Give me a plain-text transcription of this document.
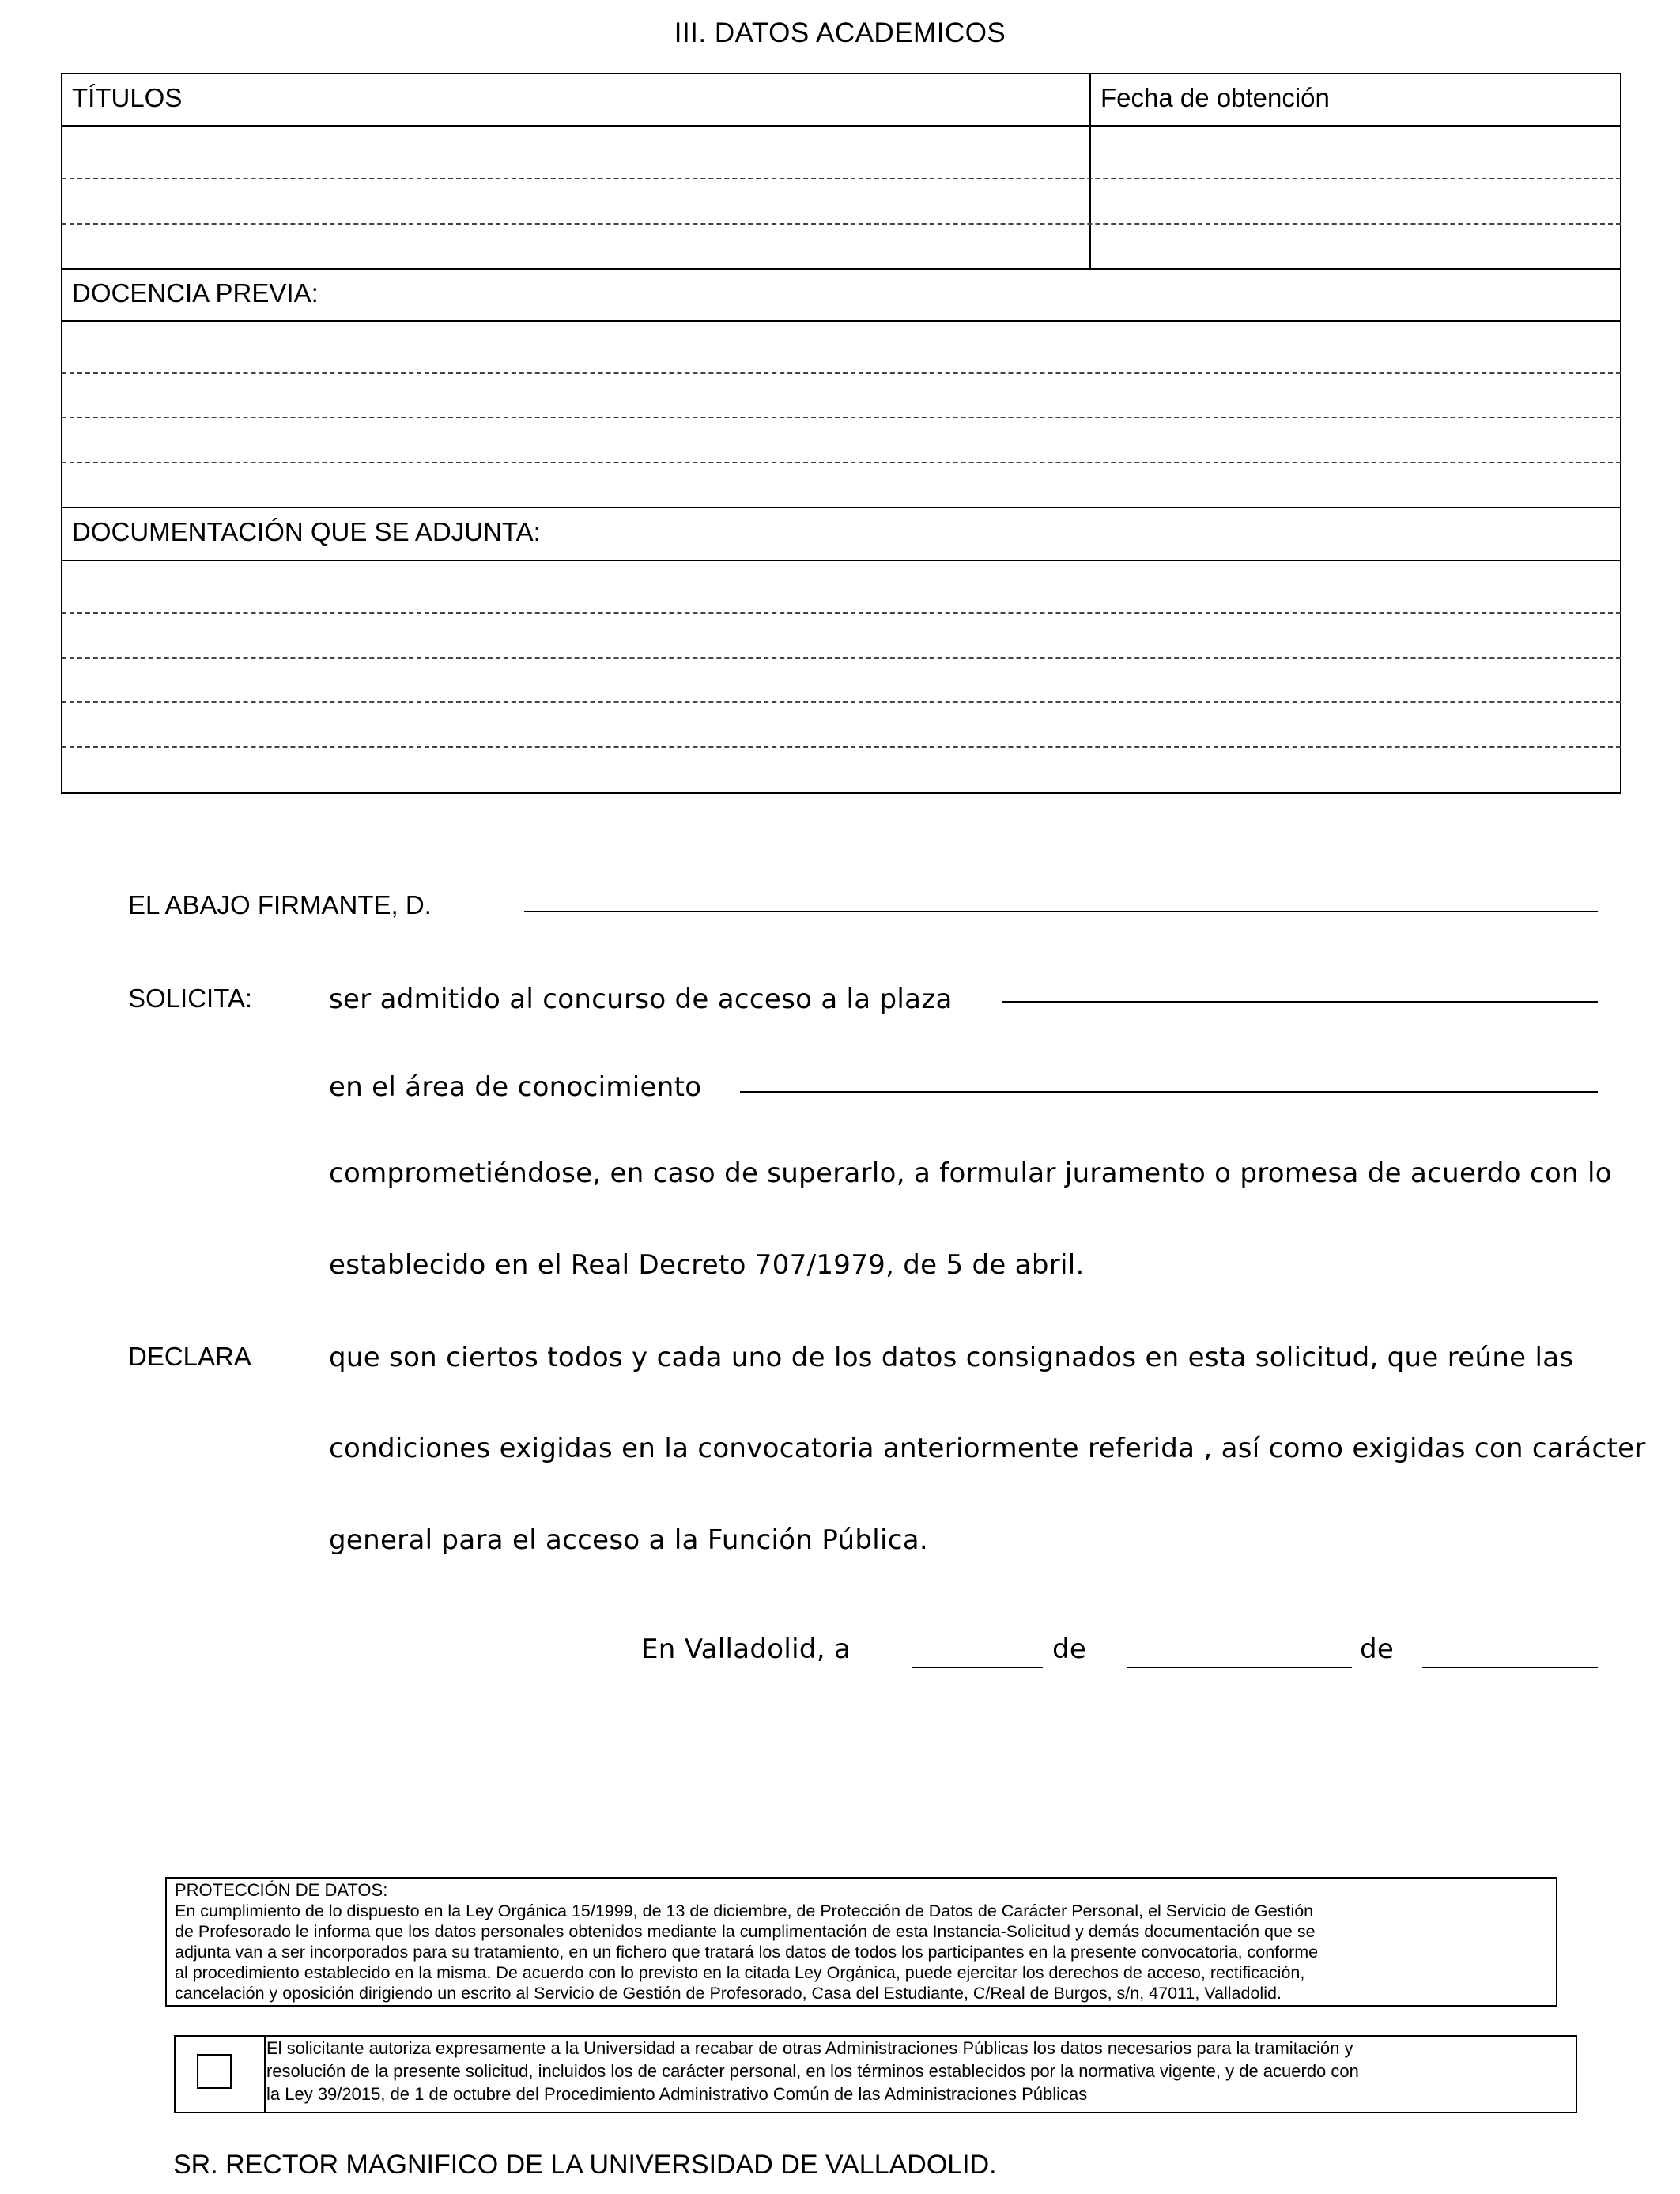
III. DATOS ACADEMICOS
TÍTULOS	Fecha de obtención
DOCENCIA PREVIA:
DOCUMENTACIÓN QUE SE ADJUNTA:
EL ABAJO FIRMANTE, D.
SOLICITA:	ser admitido al concurso de acceso a la plaza
en el área de conocimiento
comprometiéndose, en caso de superarlo, a formular juramento o promesa de acuerdo con lo
establecido en el Real Decreto 707/1979, de 5 de abril.
DECLARA	que son ciertos todos y cada uno de los datos consignados en esta solicitud, que reúne las
condiciones exigidas en la convocatoria anteriormente referida , así como exigidas con carácter
general para el acceso a la Función Pública.
En Valladolid, a	de	de
PROTECCIÓN DE DATOS:
En cumplimiento de lo dispuesto en la Ley Orgánica 15/1999, de 13 de diciembre, de Protección de Datos de Carácter Personal, el Servicio de Gestión
de Profesorado le informa que los datos personales obtenidos mediante la cumplimentación de esta Instancia-Solicitud y demás documentación que se
adjunta van a ser incorporados para su tratamiento, en un fichero que tratará los datos de todos los participantes en la presente convocatoria, conforme
al procedimiento establecido en la misma. De acuerdo con lo previsto en la citada Ley Orgánica, puede ejercitar los derechos de acceso, rectificación,
cancelación y oposición dirigiendo un escrito al Servicio de Gestión de Profesorado, Casa del Estudiante, C/Real de Burgos, s/n, 47011, Valladolid.
El solicitante autoriza expresamente a la Universidad a recabar de otras Administraciones Públicas los datos necesarios para la tramitación y
resolución de la presente solicitud, incluidos los de carácter personal, en los términos establecidos por la normativa vigente, y de acuerdo con
la Ley 39/2015, de 1 de octubre del Procedimiento Administrativo Común de las Administraciones Públicas
SR. RECTOR MAGNIFICO DE LA UNIVERSIDAD DE VALLADOLID.
